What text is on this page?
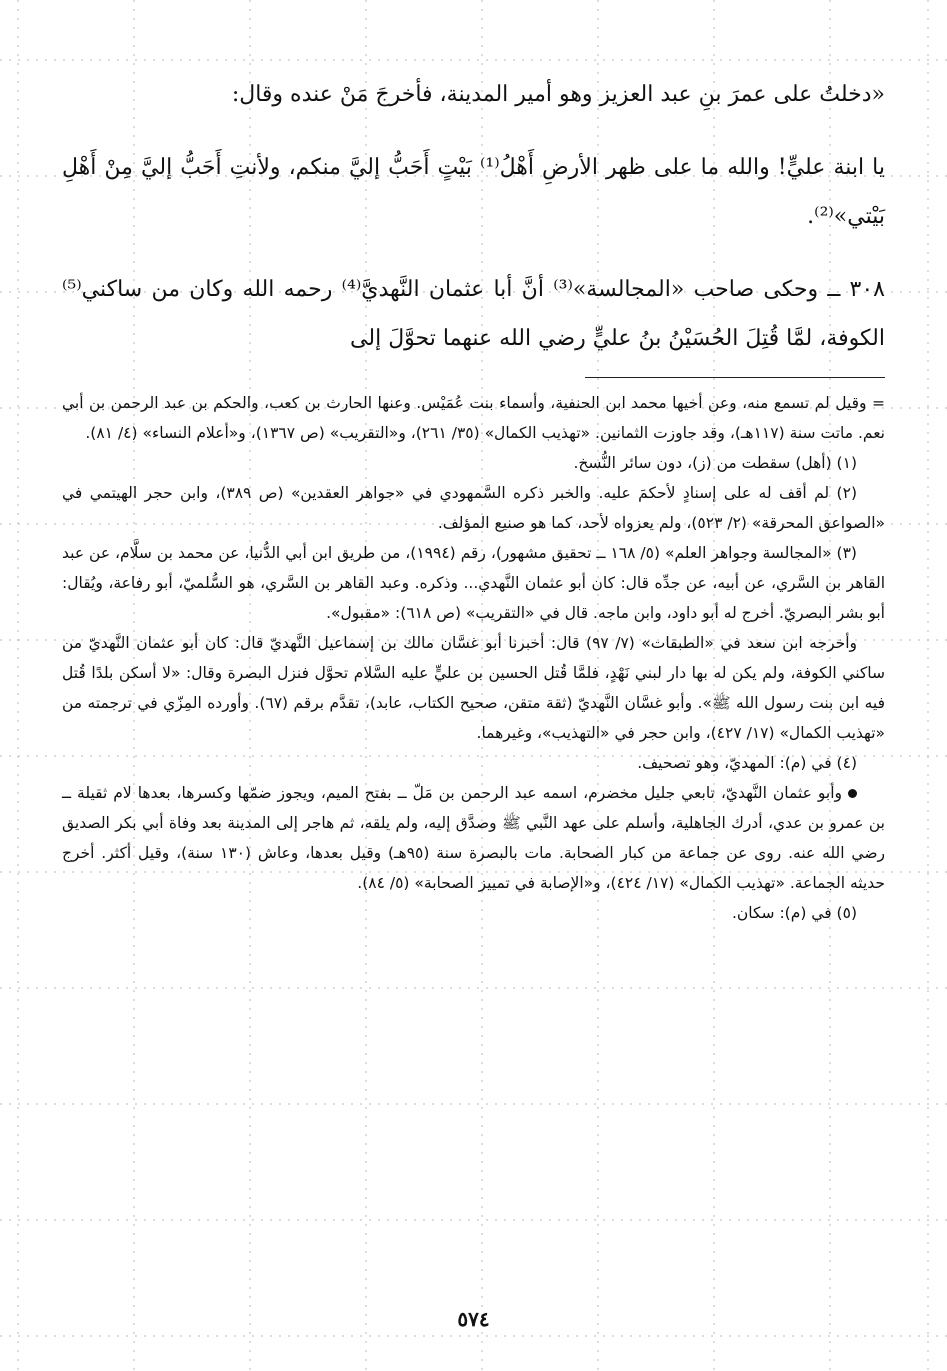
«دخلتُ على عمرَ بنِ عبد العزيز وهو أمير المدينة، فأخرجَ مَنْ عنده وقال:

يا ابنة عليٍّ! والله ما على ظهر الأرضِ أَهْلُ⁽¹⁾ بَيْتٍ أَحَبُّ إليَّ منكم، ولأنتِ أَحَبُّ إليَّ مِنْ أَهْلِ بَيْتي»⁽²⁾.

٣٠٨ ــ وحكى صاحب «المجالسة»⁽³⁾ أنَّ أبا عثمان النَّهديَّ⁽⁴⁾ رحمه الله وكان من ساكني⁽⁵⁾ الكوفة، لمَّا قُتِلَ الحُسَيْنُ بنُ عليٍّ رضي الله عنهما تحوَّلَ إلى

= وقيل لم تسمع منه، وعن أخيها محمد ابن الحنفية، وأسماء بنت عُمَيْس. وعنها الحارث بن كعب، والحكم بن عبد الرحمن بن أبي نعم. ماتت سنة (١١٧هـ)، وقد جاوزت الثمانين. «تهذيب الكمال» (٣٥/ ٢٦١)، و«التقريب» (ص ١٣٦٧)، و«أعلام النساء» (٤/ ٨١).

(١) (أهل) سقطت من (ز)، دون سائر النُّسخ.

(٢) لم أقف له على إسنادٍ لأحكمَ عليه. والخبر ذكره السَّمهودي في «جواهر العقدين» (ص ٣٨٩)، وابن حجر الهيتمي في «الصواعق المحرقة» (٢/ ٥٢٣)، ولم يعزواه لأحد، كما هو صنيع المؤلف.

(٣) «المجالسة وجواهر العلم» (٥/ ١٦٨ ــ تحقيق مشهور)، رقم (١٩٩٤)، من طريق ابن أبي الدُّنيا، عن محمد بن سلَّام، عن عبد القاهر بن السَّري، عن أبيه، عن جدِّه قال: كان أبو عثمان النَّهدي... وذكره. وعبد القاهر بن السَّري، هو السُّلميّ، أبو رفاعة، ويُقال: أبو بشر البصريّ. أخرج له أبو داود، وابن ماجه. قال في «التقريب» (ص ٦١٨): «مقبول».

وأخرجه ابن سعد في «الطبقات» (٧/ ٩٧) قال: أخبرنا أبو غسَّان مالك بن إسماعيل النَّهديّ قال: كان أبو عثمان النَّهديّ من ساكني الكوفة، ولم يكن له بها دار لبني نَهْدٍ، فلمَّا قُتل الحسين بن عليٍّ عليه السَّلام تحوَّل فنزل البصرة وقال: «لا أسكن بلدًا قُتل فيه ابن بنت رسول الله ﷺ». وأبو غسَّان النَّهديّ (ثقة متقن، صحيح الكتاب، عابد)، تقدَّم برقم (٦٧). وأورده المِزّي في ترجمته من «تهذيب الكمال» (١٧/ ٤٢٧)، وابن حجر في «التهذيب»، وغيرهما.

(٤) في (م): المهديّ، وهو تصحيف.

وأبو عثمان النَّهديّ، تابعي جليل مخضرم، اسمه عبد الرحمن بن مَلّ ــ بفتح الميم، ويجوز ضمّها وكسرها، بعدها لام ثقيلة ــ بن عمرو بن عدي، أدرك الجاهلية، وأسلم على عهد النَّبي ﷺ وصدَّق إليه، ولم يلقه، ثم هاجر إلى المدينة بعد وفاة أبي بكر الصديق رضي الله عنه. روى عن جماعة من كبار الصحابة. مات بالبصرة سنة (٩٥هـ) وقيل بعدها، وعاش (١٣٠ سنة)، وقيل أكثر. أخرج حديثه الجماعة. «تهذيب الكمال» (١٧/ ٤٢٤)، و«الإصابة في تمييز الصحابة» (٥/ ٨٤).

(٥) في (م): سكان.

٥٧٤
